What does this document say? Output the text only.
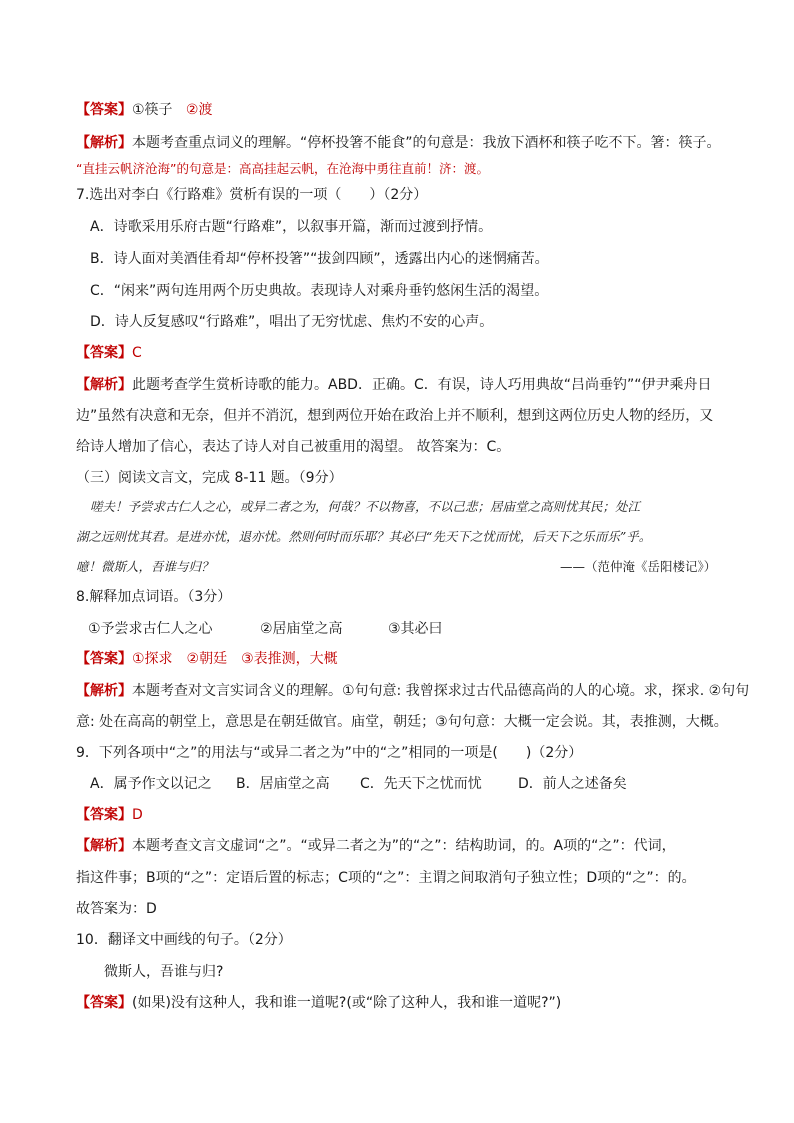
【答案】①筷子 ②渡
【解析】本题考查重点词义的理解。“停杯投箸不能食”的句意是：我放下酒杯和筷子吃不下。箸：筷子。
“直挂云帆济沧海”的句意是：高高挂起云帆，在沧海中勇往直前！济：渡。
7.选出对李白《行路难》赏析有误的一项（　　）（2分）
A．诗歌采用乐府古题“行路难”，以叙事开篇，渐而过渡到抒情。
B．诗人面对美酒佳肴却“停杯投箸”“拔剑四顾”，透露出内心的迷惘痛苦。
C．“闲来”两句连用两个历史典故。表现诗人对乘舟垂钓悠闲生活的渴望。
D．诗人反复感叹“行路难”，唱出了无穷忧虑、焦灼不安的心声。
【答案】C
【解析】此题考查学生赏析诗歌的能力。ABD．正确。C．有误，诗人巧用典故“吕尚垂钓”“伊尹乘舟日
边”虽然有决意和无奈，但并不消沉，想到两位开始在政治上并不顺利，想到这两位历史人物的经历，又
给诗人增加了信心，表达了诗人对自己被重用的渴望。 故答案为：C。
（三）阅读文言文，完成 8-11 题。（9分）
嗟夫！予尝求古仁人之心，或异二者之为，何哉？不以物喜，不以己悲；居庙堂之高则忧其民；处江
湖之远则忧其君。是进亦忧，退亦忧。然则何时而乐耶？其必曰“先天下之忧而忧，后天下之乐而乐”乎。
噫！微斯人，吾谁与归？	——（范仲淹《岳阳楼记》）
8.解释加点词语。（3分）
①予尝求古仁人之心	②居庙堂之高	③其必曰
【答案】①探求　②朝廷　③表推测，大概
【解析】本题考查对文言实词含义的理解。①句句意: 我曾探求过古代品德高尚的人的心境。求，探求. ②句句
意: 处在高高的朝堂上，意思是在朝廷做官。庙堂，朝廷；③句句意：大概一定会说。其，表推测，大概。
9．下列各项中“之”的用法与“或异二者之为”中的“之”相同的一项是(　　)（2分）
A．属予作文以记之 B．居庙堂之高 C．先天下之忧而忧	D．前人之述备矣
【答案】D
【解析】本题考查文言文虚词“之”。“或异二者之为”的“之”：结构助词，的。A项的“之”：代词，
指这件事；B项的“之”：定语后置的标志；C项的“之”：主谓之间取消句子独立性；D项的“之”：的。
故答案为：D
10．翻译文中画线的句子。（2分）
微斯人，吾谁与归?
【答案】(如果)没有这种人，我和谁一道呢?(或“除了这种人，我和谁一道呢?”)
